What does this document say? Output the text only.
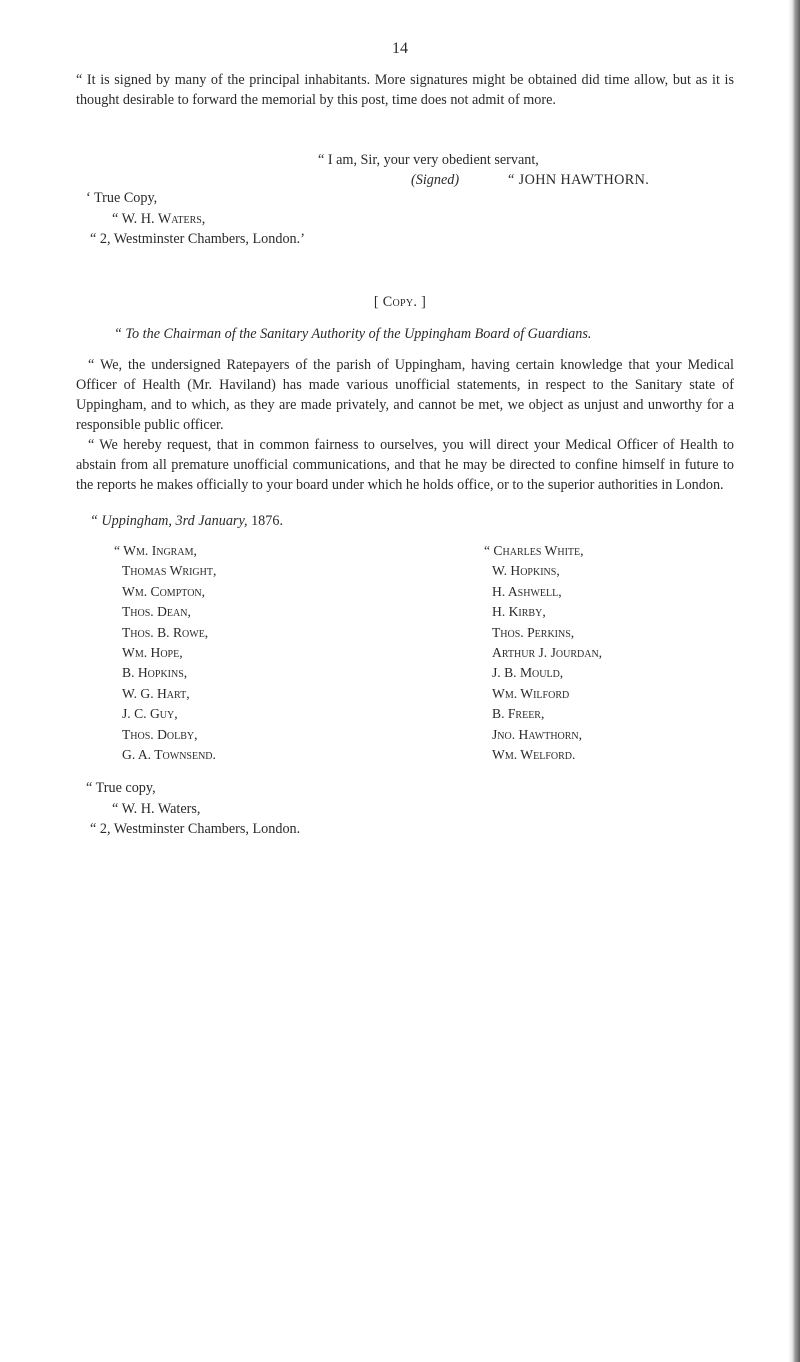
14

“ It is signed by many of the principal inhabitants. More signatures might be obtained did time allow, but as it is thought desirable to forward the memorial by this post, time does not admit of more.

“ I am, Sir, your very obedient servant,

(Signed)	“ JOHN HAWTHORN.

‘ True Copy,

“ W. H. Waters,

“ 2, Westminster Chambers, London.’

[ Copy. ]

“ To the Chairman of the Sanitary Authority of the Uppingham Board of Guardians.

“ We, the undersigned Ratepayers of the parish of Uppingham, having certain knowledge that your Medical Officer of Health (Mr. Haviland) has made various unofficial statements, in respect to the Sanitary state of Uppingham, and to which, as they are made privately, and cannot be met, we object as unjust and unworthy for a responsible public officer.

“ We hereby request, that in common fairness to ourselves, you will direct your Medical Officer of Health to abstain from all premature unofficial communications, and that he may be directed to confine himself in future to the reports he makes officially to your board under which he holds office, or to the superior authorities in London.

“ Uppingham, 3rd January, 1876.

“ Wm. Ingram,
Thomas Wright,
Wm. Compton,
Thos. Dean,
Thos. B. Rowe,
Wm. Hope,
B. Hopkins,
W. G. Hart,
J. C. Guy,
Thos. Dolby,
G. A. Townsend.
“ Charles White,
W. Hopkins,
H. Ashwell,
H. Kirby,
Thos. Perkins,
Arthur J. Jourdan,
J. B. Mould,
Wm. Wilford
B. Freer,
Jno. Hawthorn,
Wm. Welford.

“ True copy,

“ W. H. Waters,

“ 2, Westminster Chambers, London.
